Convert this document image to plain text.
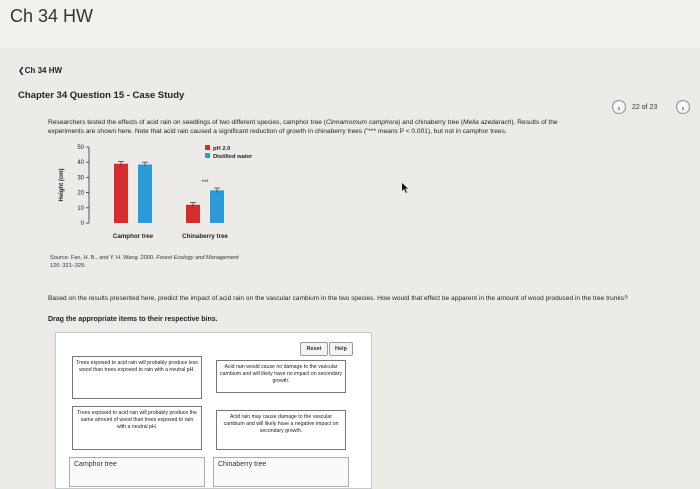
Ch 34 HW
❮Ch 34 HW
Chapter 34 Question 15 - Case Study
‹	22 of 23	›
Researchers tested the effects of acid rain on seedlings of two different species, camphor tree (Cinnamomum camphora) and chinaberry tree (Melia azedarach). Results of the
experiments are shown here. Note that acid rain caused a significant reduction of growth in chinaberry trees ("*** means P < 0.001), but not in camphor trees.
0
10
20
30
40
50
Height (cm)
Camphor tree	Chinaberry tree
***
pH 2.0
Distilled water
Source: Fan, H. B., and Y. H. Wang. 2000. Forest Ecology and Management
126: 321–329.
Based on the results presented here, predict the impact of acid rain on the vascular cambium in the two species. How would that effect be apparent in the amount of wood produced in the tree trunks?
Drag the appropriate items to their respective bins.
Reset	Help
Trees exposed to acid rain will probably produce less wood than trees exposed to rain with a neutral pH.	Acid rain would cause no damage to the vascular cambium and will likely have no impact on secondary growth.
Trees exposed to acid rain will probably produce the same amount of wood than trees exposed to rain with a neutral pH.
Acid rain may cause damage to the vascular cambium and will likely have a negative impact on secondary growth.
Camphor tree	Chinaberry tree
